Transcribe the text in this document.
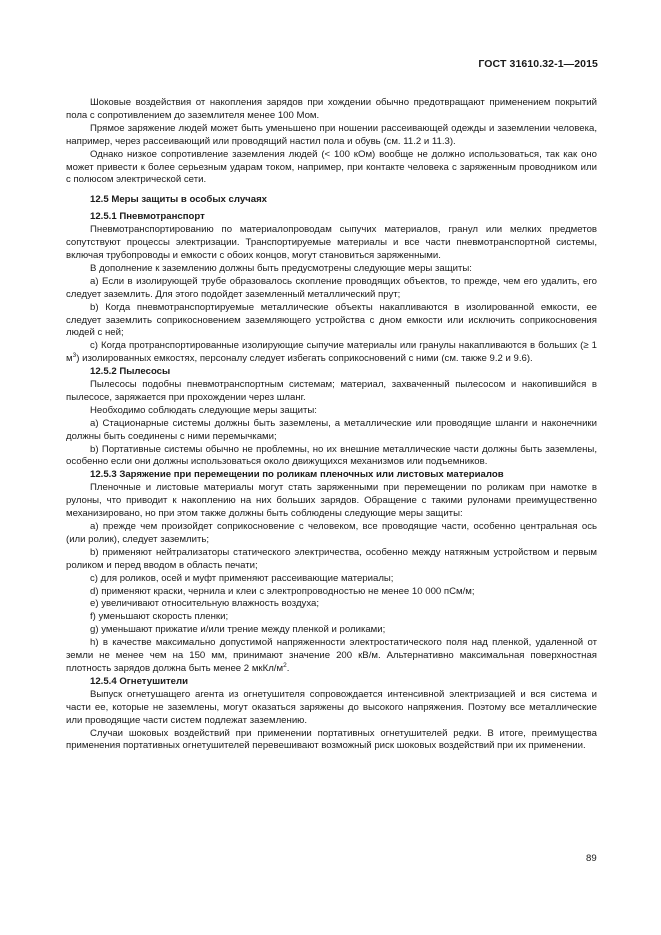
ГОСТ 31610.32-1—2015

Шоковые воздействия от накопления зарядов при хождении обычно предотвращают применением покрытий пола с сопротивлением до заземлителя менее 100 Мом.

Прямое заряжение людей может быть уменьшено при ношении рассеивающей одежды и заземлении человека, например, через рассеивающий или проводящий настил пола и обувь (см. 11.2 и 11.3).

Однако низкое сопротивление заземления людей (< 100 кОм) вообще не должно использоваться, так как оно может привести к более серьезным ударам током, например, при контакте человека с заряженным проводником или с полюсом электрической сети.

12.5 Меры защиты в особых случаях
12.5.1 Пневмотранспорт

Пневмотранспортированию по материалопроводам сыпучих материалов, гранул или мелких предметов сопутствуют процессы электризации. Транспортируемые материалы и все части пневмотранспортной системы, включая трубопроводы и емкости с обоих концов, могут становиться заряженными.

В дополнение к заземлению должны быть предусмотрены следующие меры защиты:

а) Если в изолирующей трубе образовалось скопление проводящих объектов, то прежде, чем его удалить, его следует заземлить. Для этого подойдет заземленный металлический прут;

b) Когда пневмотранспортируемые металлические объекты накапливаются в изолированной емкости, ее следует заземлить соприкосновением заземляющего устройства с дном емкости или исключить соприкосновения людей с ней;

c) Когда протранспортированные изолирующие сыпучие материалы или гранулы накапливаются в больших (≥ 1 $м^3$) изолированных емкостях, персоналу следует избегать соприкосновений с ними (см. также 9.2 и 9.6).

12.5.2 Пылесосы

Пылесосы подобны пневмотранспортным системам; материал, захваченный пылесосом и накопившийся в пылесосе, заряжается при прохождении через шланг.

Необходимо соблюдать следующие меры защиты:

а) Стационарные системы должны быть заземлены, а металлические или проводящие шланги и наконечники должны быть соединены с ними перемычками;

b) Портативные системы обычно не проблемны, но их внешние металлические части должны быть заземлены, особенно если они должны использоваться около движущихся механизмов или подъемников.

12.5.3 Заряжение при перемещении по роликам пленочных или листовых материалов

Пленочные и листовые материалы могут стать заряженными при перемещении по роликам при намотке в рулоны, что приводит к накоплению на них больших зарядов. Обращение с такими рулонами преимущественно механизировано, но при этом также должны быть соблюдены следующие меры защиты:

а) прежде чем произойдет соприкосновение с человеком, все проводящие части, особенно центральная ось (или ролик), следует заземлить;

b) применяют нейтрализаторы статического электричества, особенно между натяжным устройством и первым роликом и перед вводом в область печати;

c) для роликов, осей и муфт применяют рассеивающие материалы;

d) применяют краски, чернила и клеи с электропроводностью не менее 10 000 пСм/м;

e) увеличивают относительную влажность воздуха;

f) уменьшают скорость пленки;

g) уменьшают прижатие и/или трение между пленкой и роликами;

h) в качестве максимально допустимой напряженности электростатического поля над пленкой, удаленной от земли не менее чем на 150 мм, принимают значение 200 кВ/м. Альтернативно максимальная поверхностная плотность зарядов должна быть менее 2 мкКл/$м^2$.

12.5.4 Огнетушители

Выпуск огнетушащего агента из огнетушителя сопровождается интенсивной электризацией и вся система и части ее, которые не заземлены, могут оказаться заряжены до высокого напряжения. Поэтому все металлические или проводящие части систем подлежат заземлению.

Случаи шоковых воздействий при применении портативных огнетушителей редки. В итоге, преимущества применения портативных огнетушителей перевешивают возможный риск шоковых воздействий при их применении.

89
